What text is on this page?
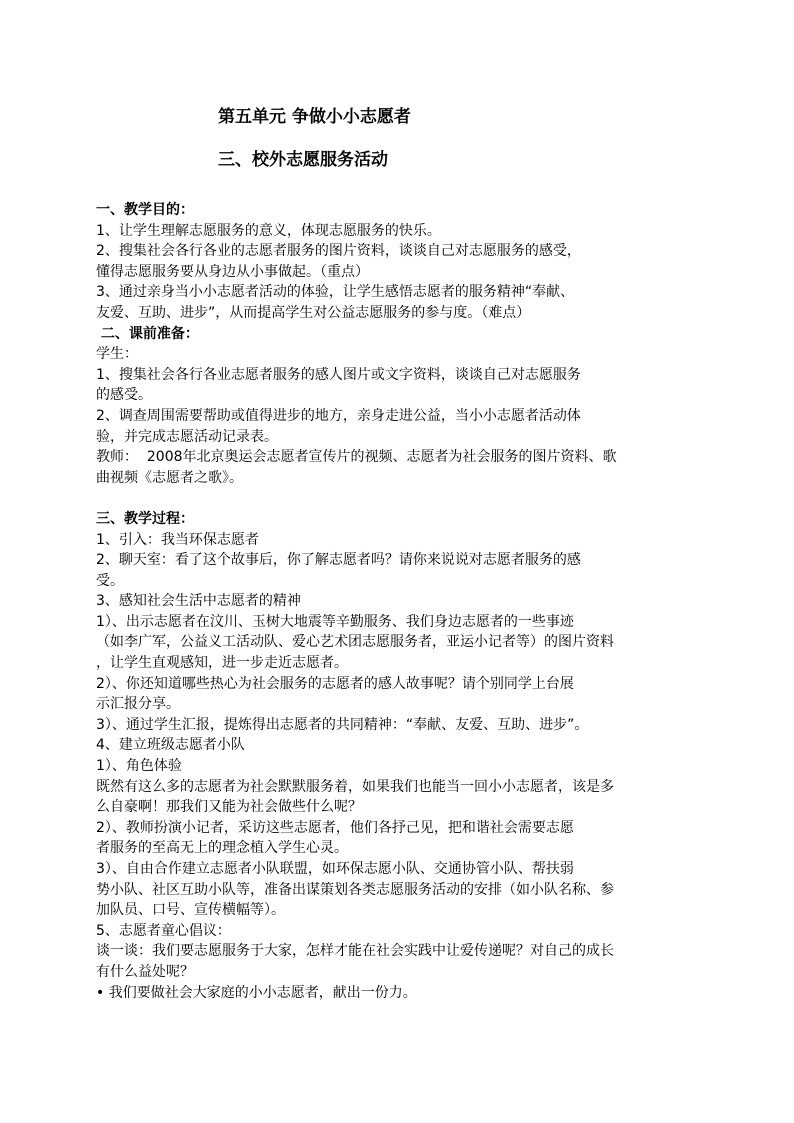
第五单元 争做小小志愿者
三、校外志愿服务活动
一、教学目的：
1、让学生理解志愿服务的意义，体现志愿服务的快乐。
2、搜集社会各行各业的志愿者服务的图片资料，谈谈自己对志愿服务的感受，
懂得志愿服务要从身边从小事做起。（重点）
3、通过亲身当小小志愿者活动的体验，让学生感悟志愿者的服务精神“奉献、
友爱、互助、进步”，从而提高学生对公益志愿服务的参与度。（难点）
二、课前准备：
学生：
1、搜集社会各行各业志愿者服务的感人图片或文字资料，谈谈自己对志愿服务
的感受。
2、调查周围需要帮助或值得进步的地方，亲身走进公益，当小小志愿者活动体
验，并完成志愿活动记录表。
教师：  2008年北京奥运会志愿者宣传片的视频、志愿者为社会服务的图片资料、歌
曲视频《志愿者之歌》。
三、教学过程：
1、引入：我当环保志愿者
2、聊天室：看了这个故事后，你了解志愿者吗？请你来说说对志愿者服务的感
受。
3、感知社会生活中志愿者的精神
1）、出示志愿者在汶川、玉树大地震等辛勤服务、我们身边志愿者的一些事迹
（如李广军，公益义工活动队、爱心艺术团志愿服务者，亚运小记者等）的图片资料
，让学生直观感知，进一步走近志愿者。
2）、你还知道哪些热心为社会服务的志愿者的感人故事呢？请个别同学上台展
示汇报分享。
3）、通过学生汇报，提炼得出志愿者的共同精神：“奉献、友爱、互助、进步”。
4、建立班级志愿者小队
1）、角色体验
既然有这么多的志愿者为社会默默服务着，如果我们也能当一回小小志愿者，该是多
么自豪啊！那我们又能为社会做些什么呢？
2）、教师扮演小记者，采访这些志愿者，他们各抒己见，把和谐社会需要志愿
者服务的至高无上的理念植入学生心灵。
3）、自由合作建立志愿者小队联盟，如环保志愿小队、交通协管小队、帮扶弱
势小队、社区互助小队等，准备出谋策划各类志愿服务活动的安排（如小队名称、参
加队员、口号、宣传横幅等）。
5、志愿者童心倡议：
谈一谈：我们要志愿服务于大家，怎样才能在社会实践中让爱传递呢？对自己的成长
有什么益处呢？
• 我们要做社会大家庭的小小志愿者，献出一份力。
